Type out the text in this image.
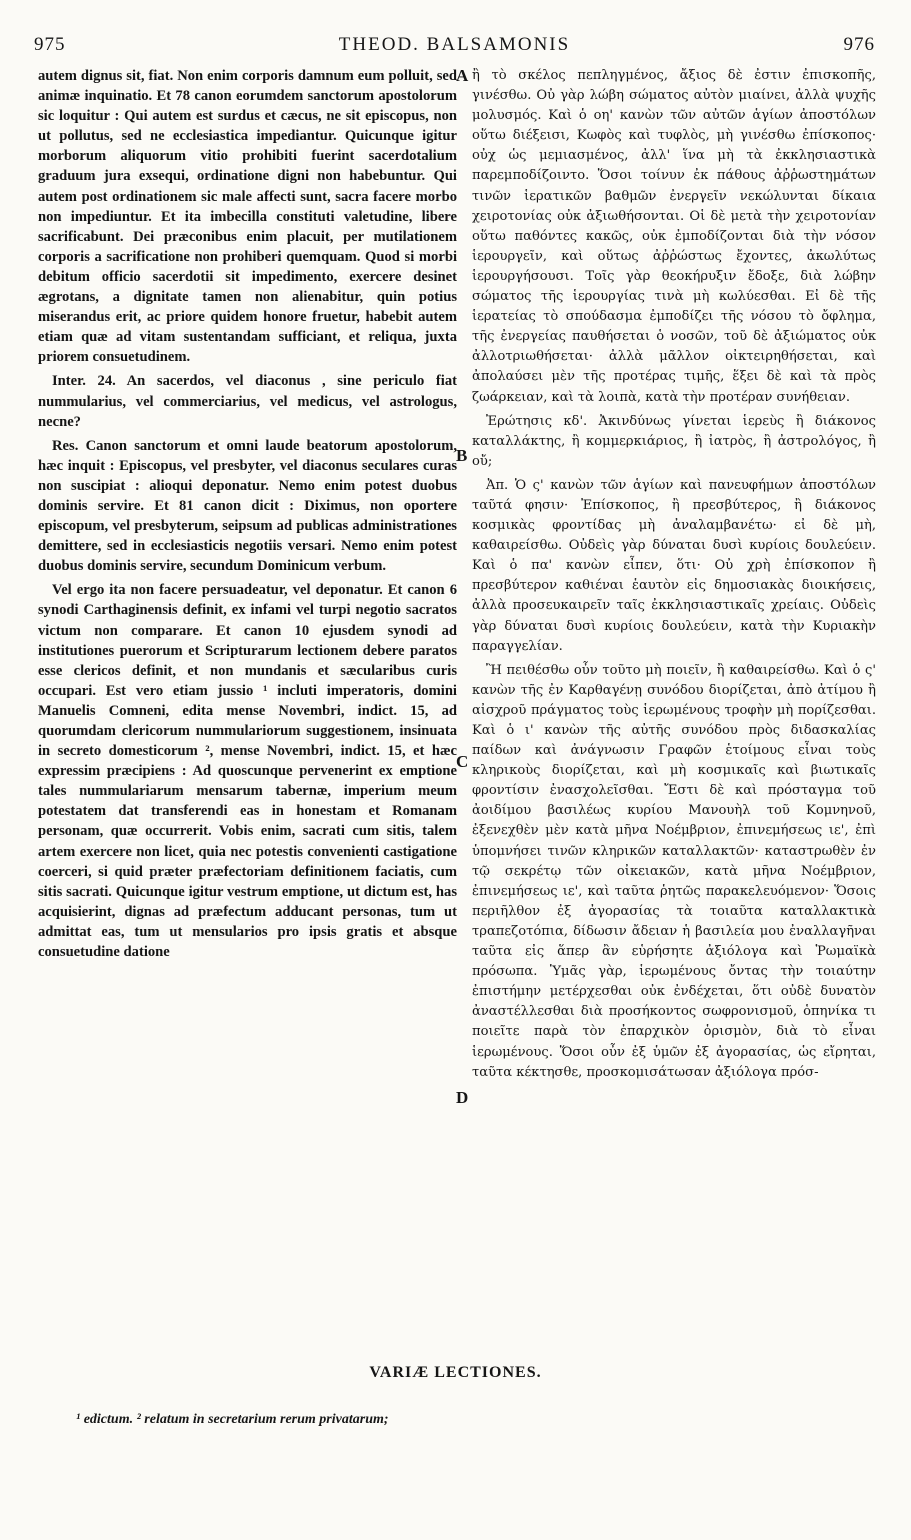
975	THEOD. BALSAMONIS	976

autem dignus sit, fiat. Non enim corporis damnum eum polluit, sed animæ inquinatio. Et 78 canon eorumdem sanctorum apostolorum sic loquitur : Qui autem est surdus et cæcus, ne sit episcopus, non ut pollutus, sed ne ecclesiastica impediantur. Quicunque igitur morborum aliquorum vitio prohibiti fuerint sacerdotalium graduum jura exsequi, ordinatione digni non habebuntur. Qui autem post ordinationem sic male affecti sunt, sacra facere morbo non impediuntur. Et ita imbecilla constituti valetudine, libere sacrificabunt. Dei præconibus enim placuit, per mutilationem corporis a sacrificatione non prohiberi quemquam. Quod si morbi debitum officio sacerdotii sit impedimento, exercere desinet ægrotans, a dignitate tamen non alienabitur, quin potius miserandus erit, ac priore quidem honore fruetur, habebit autem etiam quæ ad vitam sustentandam sufficiant, et reliqua, juxta priorem consuetudinem.

Inter. 24. An sacerdos, vel diaconus , sine periculo fiat nummularius, vel commerciarius, vel medicus, vel astrologus, necne?

Res. Canon sanctorum et omni laude beatorum apostolorum, hæc inquit : Episcopus, vel presbyter, vel diaconus seculares curas non suscipiat : alioqui deponatur. Nemo enim potest duobus dominis servire. Et 81 canon dicit : Diximus, non oportere episcopum, vel presbyterum, seipsum ad publicas administrationes demittere, sed in ecclesiasticis negotiis versari. Nemo enim potest duobus dominis servire, secundum Dominicum verbum.

Vel ergo ita non facere persuadeatur, vel deponatur. Et canon 6 synodi Carthaginensis definit, ex infami vel turpi negotio sacratos victum non comparare. Et canon 10 ejusdem synodi ad institutiones puerorum et Scripturarum lectionem debere paratos esse clericos definit, et non mundanis et sæcularibus curis occupari. Est vero etiam jussio ¹ incluti imperatoris, domini Manuelis Comneni, edita mense Novembri, indict. 15, ad quorumdam clericorum nummulariorum suggestionem, insinuata in secreto domesticorum ², mense Novembri, indict. 15, et hæc expressim præcipiens : Ad quoscunque pervenerint ex emptione tales nummulariarum mensarum tabernæ, imperium meum potestatem dat transferendi eas in honestam et Romanam personam, quæ occurrerit. Vobis enim, sacrati cum sitis, talem artem exercere non licet, quia nec potestis convenienti castigatione coerceri, si quid præter præfectoriam definitionem faciatis, cum sitis sacrati. Quicunque igitur vestrum emptione, ut dictum est, has acquisierint, dignas ad præfectum adducant personas, tum ut admittat eas, tum ut mensularios pro ipsis gratis et absque consuetudine datione

A
B
C
D

ἢ τὸ σκέλος πεπληγμένος, ἄξιος δὲ ἐστιν ἐπισκοπῆς, γινέσθω. Οὐ γὰρ λώβη σώματος αὐτὸν μιαίνει, ἀλλὰ ψυχῆς μολυσμός. Καὶ ὁ οη' κανὼν τῶν αὐτῶν ἁγίων ἀποστόλων οὕτω διέξεισι, Κωφὸς καὶ τυφλὸς, μὴ γινέσθω ἐπίσκοπος· οὐχ ὡς μεμιασμένος, ἀλλ' ἵνα μὴ τὰ ἐκκλησιαστικὰ παρεμποδίζοιντο. Ὅσοι τοίνυν ἐκ πάθους ἀῤῥωστημάτων τινῶν ἱερατικῶν βαθμῶν ἐνεργεῖν νεκώλυνται δίκαια χειροτονίας οὐκ ἀξιωθήσονται. Οἱ δὲ μετὰ τὴν χειροτονίαν οὕτω παθόντες κακῶς, οὐκ ἐμποδίζονται διὰ τὴν νόσον ἱερουργεῖν, καὶ οὕτως ἀῤῥώστως ἔχοντες, ἀκωλύτως ἱερουργήσουσι. Τοῖς γὰρ θεοκήρυξιν ἔδοξε, διὰ λώβην σώματος τῆς ἱερουργίας τινὰ μὴ κωλύεσθαι. Εἰ δὲ τῆς ἱερατείας τὸ σπούδασμα ἐμποδίζει τῆς νόσου τὸ ὄφλημα, τῆς ἐνεργείας παυθήσεται ὁ νοσῶν, τοῦ δὲ ἀξιώματος οὐκ ἀλλοτριωθήσεται· ἀλλὰ μᾶλλον οἰκτειρηθήσεται, καὶ ἀπολαύσει μὲν τῆς προτέρας τιμῆς, ἕξει δὲ καὶ τὰ πρὸς ζωάρκειαν, καὶ τὰ λοιπὰ, κατὰ τὴν προτέραν συνήθειαν.

Ἐρώτησις κδ'. Ἀκινδύνως γίνεται ἱερεὺς ἢ διάκονος καταλλάκτης, ἢ κομμερκιάριος, ἢ ἰατρὸς, ἢ ἀστρολόγος, ἢ οὔ;

Ἀπ. Ὁ ς' κανὼν τῶν ἁγίων καὶ πανευφήμων ἀποστόλων ταῦτά φησιν· Ἐπίσκοπος, ἢ πρεσβύτερος, ἢ διάκονος κοσμικὰς φροντίδας μὴ ἀναλαμβανέτω· εἰ δὲ μὴ, καθαιρείσθω. Οὐδεὶς γὰρ δύναται δυσὶ κυρίοις δουλεύειν. Καὶ ὁ πα' κανὼν εἶπεν, ὅτι· Οὐ χρὴ ἐπίσκοπον ἢ πρεσβύτερον καθιέναι ἑαυτὸν εἰς δημοσιακὰς διοικήσεις, ἀλλὰ προσευκαιρεῖν ταῖς ἐκκλησιαστικαῖς χρείαις. Οὐδεὶς γὰρ δύναται δυσὶ κυρίοις δουλεύειν, κατὰ τὴν Κυριακὴν παραγγελίαν.

Ἢ πειθέσθω οὖν τοῦτο μὴ ποιεῖν, ἢ καθαιρείσθω. Καὶ ὁ ς' κανὼν τῆς ἐν Καρθαγένῃ συνόδου διορίζεται, ἀπὸ ἀτίμου ἢ αἰσχροῦ πράγματος τοὺς ἱερωμένους τροφὴν μὴ πορίζεσθαι. Καὶ ὁ ι' κανὼν τῆς αὐτῆς συνόδου πρὸς διδασκαλίας παίδων καὶ ἀνάγνωσιν Γραφῶν ἑτοίμους εἶναι τοὺς κληρικοὺς διορίζεται, καὶ μὴ κοσμικαῖς καὶ βιωτικαῖς φροντίσιν ἐνασχολεῖσθαι. Ἔστι δὲ καὶ πρόσταγμα τοῦ ἀοιδίμου βασιλέως κυρίου Μανουὴλ τοῦ Κομνηνοῦ, ἐξενεχθὲν μὲν κατὰ μῆνα Νοέμβριον, ἐπινεμήσεως ιε', ἐπὶ ὑπομνήσει τινῶν κληρικῶν καταλλακτῶν· καταστρωθὲν ἐν τῷ σεκρέτῳ τῶν οἰκειακῶν, κατὰ μῆνα Νοέμβριον, ἐπινεμήσεως ιε', καὶ ταῦτα ῥητῶς παρακελευόμενον· Ὅσοις περιῆλθον ἐξ ἀγορασίας τὰ τοιαῦτα καταλλακτικὰ τραπεζοτόπια, δίδωσιν ἄδειαν ἡ βασιλεία μου ἐναλλαγῆναι ταῦτα εἰς ἅπερ ἂν εὑρήσητε ἀξιόλογα καὶ Ῥωμαϊκὰ πρόσωπα. Ὑμᾶς γὰρ, ἱερωμένους ὄντας τὴν τοιαύτην ἐπιστήμην μετέρχεσθαι οὐκ ἐνδέχεται, ὅτι οὐδὲ δυνατὸν ἀναστέλλεσθαι διὰ προσήκοντος σωφρονισμοῦ, ὁπηνίκα τι ποιεῖτε παρὰ τὸν ἐπαρχικὸν ὁρισμὸν, διὰ τὸ εἶναι ἱερωμένους. Ὅσοι οὖν ἐξ ὑμῶν ἐξ ἀγορασίας, ὡς εἴρηται, ταῦτα κέκτησθε, προσκομισάτωσαν ἀξιόλογα πρόσ-

VARIÆ LECTIONES.
¹ edictum. ² relatum in secretarium rerum privatarum;
